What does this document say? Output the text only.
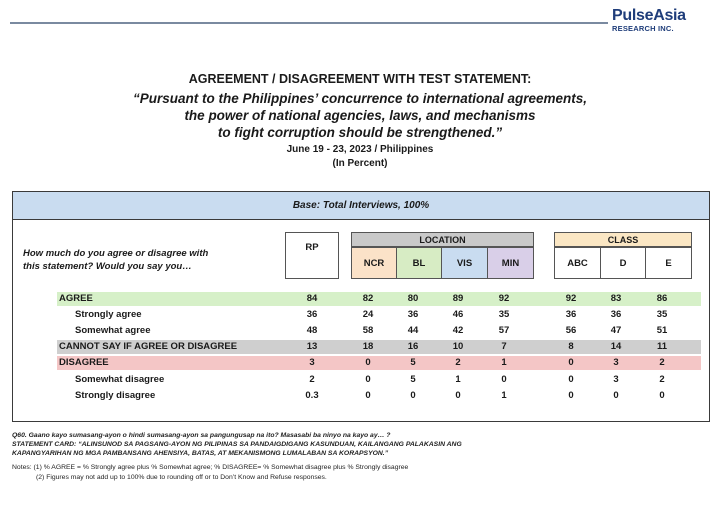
PulseAsia
RESEARCH INC.
AGREEMENT / DISAGREEMENT WITH TEST STATEMENT:
“Pursuant to the Philippines’ concurrence to international agreements,
the power of national agencies, laws, and mechanisms
to fight corruption should be strengthened.”
June 19 - 23, 2023 / Philippines
(In Percent)
Base: Total Interviews, 100%
How much do you agree or disagree with
this statement? Would you say you…
RP
LOCATION	CLASS
NCR	BL	VIS	MIN	ABC	D	E
AGREE	84	82	80	89	92	92	83	86
Strongly agree	36	24	36	46	35	36	36	35
Somewhat agree	48	58	44	42	57	56	47	51
CANNOT SAY IF AGREE OR DISAGREE	13	18	16	10	7	8	14	11
DISAGREE	3	0	5	2	1	0	3	2
Somewhat disagree	2	0	5	1	0	0	3	2
Strongly disagree	0.3	0	0	0	1	0	0	0
Q60. Gaano kayo sumasang-ayon o hindi sumasang-ayon sa pangungusap na ito? Masasabi ba ninyo na kayo ay… ?
STATEMENT CARD: “ALINSUNOD SA PAGSANG-AYON NG PILIPINAS SA PANDAIGDIGANG KASUNDUAN, KAILANGANG PALAKASIN ANG
KAPANGYARIHAN NG MGA PAMBANSANG AHENSIYA, BATAS, AT MEKANISMONG LUMALABAN SA KORAPSYON.”
Notes: (1) % AGREE = % Strongly agree plus % Somewhat agree; % DISAGREE= % Somewhat disagree plus % Strongly disagree
(2) Figures may not add up to 100% due to rounding off or to Don’t Know and Refuse responses.
